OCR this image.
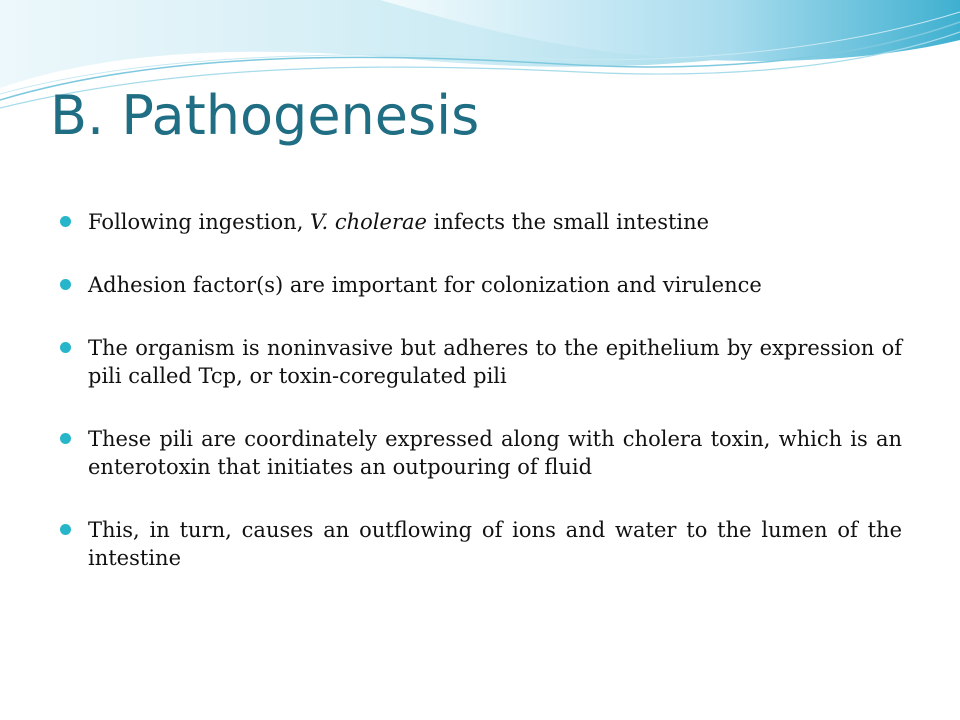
B. Pathogenesis
Following ingestion, V. cholerae infects the small intestine
Adhesion factor(s) are important for colonization and virulence
The organism is noninvasive but adheres to the epithelium by expression of pili called Tcp, or toxin-coregulated pili
These pili are coordinately expressed along with cholera toxin, which is an enterotoxin that initiates an outpouring of fluid
This, in turn, causes an outflowing of ions and water to the lumen of the intestine
